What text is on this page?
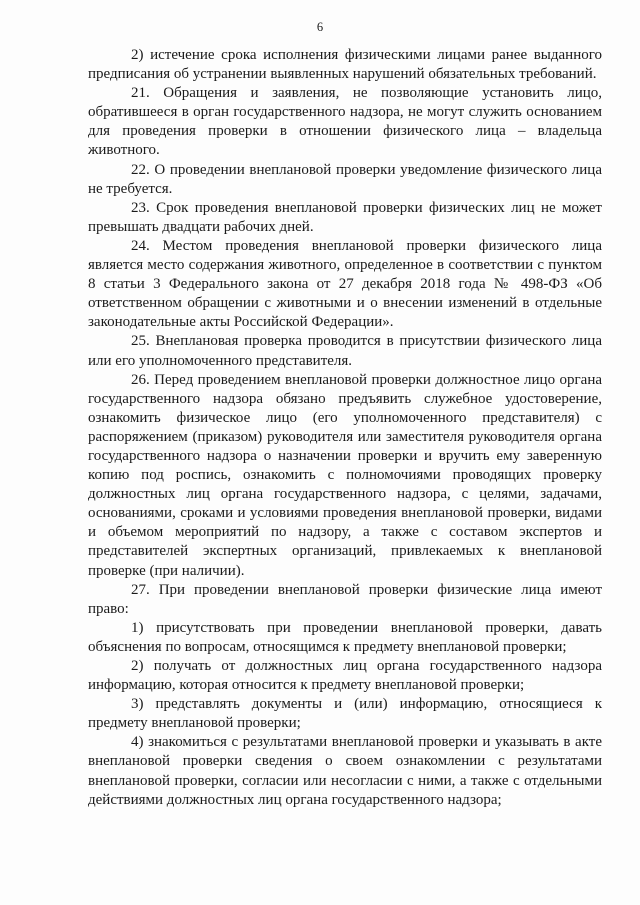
6

2) истечение срока исполнения физическими лицами ранее выданного предписания об устранении выявленных нарушений обязательных требований.

21. Обращения и заявления, не позволяющие установить лицо, обратившееся в орган государственного надзора, не могут служить основанием для проведения проверки в отношении физического лица – владельца животного.

22. О проведении внеплановой проверки уведомление физического лица не требуется.

23. Срок проведения внеплановой проверки физических лиц не может превышать двадцати рабочих дней.

24. Местом проведения внеплановой проверки физического лица является место содержания животного, определенное в соответствии с пунктом 8 статьи 3 Федерального закона от 27 декабря 2018 года № 498-ФЗ «Об ответственном обращении с животными и о внесении изменений в отдельные законодательные акты Российской Федерации».

25. Внеплановая проверка проводится в присутствии физического лица или его уполномоченного представителя.

26. Перед проведением внеплановой проверки должностное лицо органа государственного надзора обязано предъявить служебное удостоверение, ознакомить физическое лицо (его уполномоченного представителя) с распоряжением (приказом) руководителя или заместителя руководителя органа государственного надзора о назначении проверки и вручить ему заверенную копию под роспись, ознакомить с полномочиями проводящих проверку должностных лиц органа государственного надзора, с целями, задачами, основаниями, сроками и условиями проведения внеплановой проверки, видами и объемом мероприятий по надзору, а также с составом экспертов и представителей экспертных организаций, привлекаемых к внеплановой проверке (при наличии).

27. При проведении внеплановой проверки физические лица имеют право:

1) присутствовать при проведении внеплановой проверки, давать объяснения по вопросам, относящимся к предмету внеплановой проверки;

2) получать от должностных лиц органа государственного надзора информацию, которая относится к предмету внеплановой проверки;

3) представлять документы и (или) информацию, относящиеся к предмету внеплановой проверки;

4) знакомиться с результатами внеплановой проверки и указывать в акте внеплановой проверки сведения о своем ознакомлении с результатами внеплановой проверки, согласии или несогласии с ними, а также с отдельными действиями должностных лиц органа государственного надзора;
